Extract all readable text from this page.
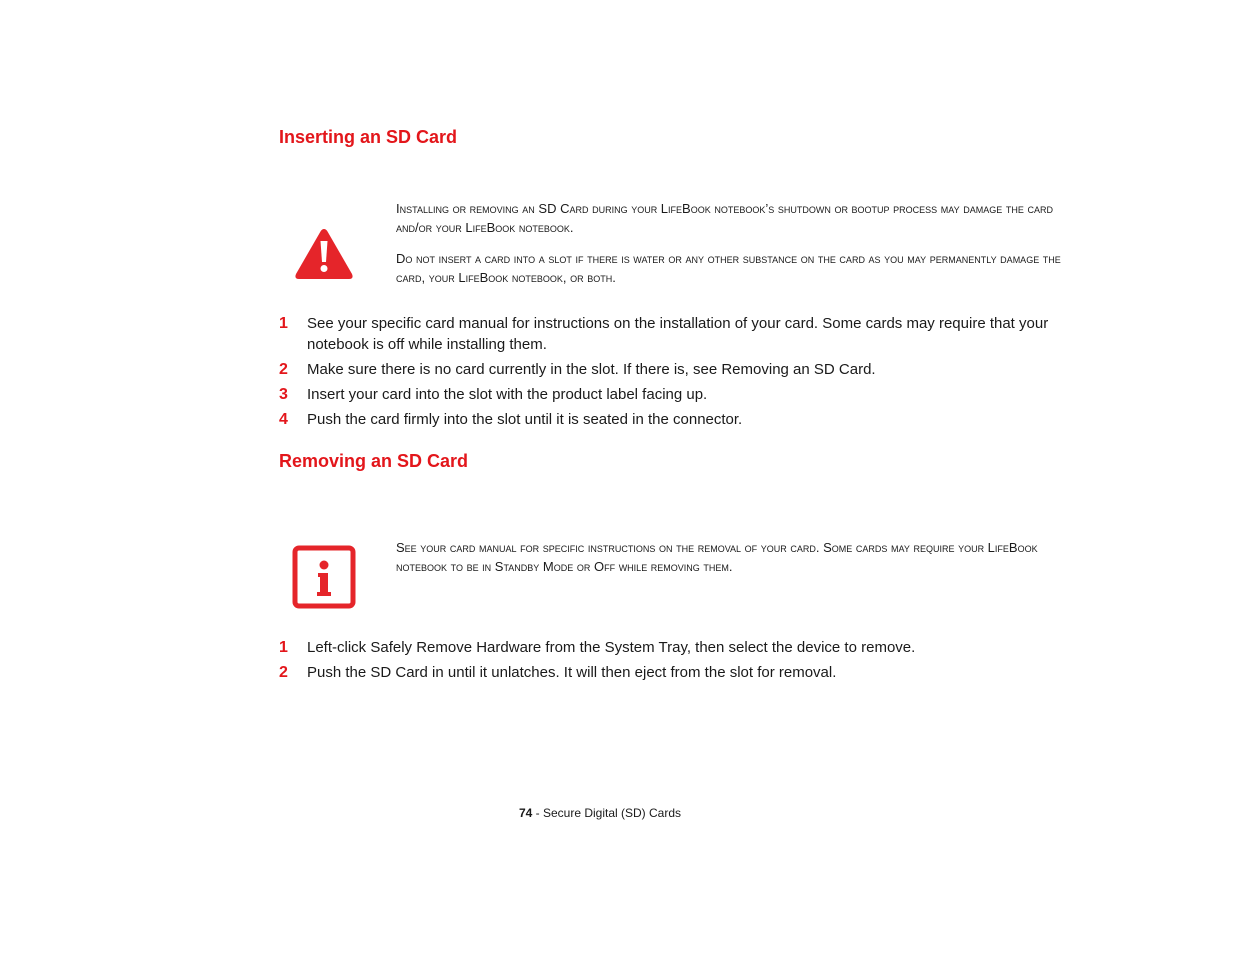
Inserting an SD Card

Installing or removing an SD Card during your LifeBook notebook’s shutdown or bootup process may damage the card and/or your LifeBook notebook.

Do not insert a card into a slot if there is water or any other substance on the card as you may permanently damage the card, your LifeBook notebook, or both.

1 See your specific card manual for instructions on the installation of your card. Some cards may require that your notebook is off while installing them.
2 Make sure there is no card currently in the slot. If there is, see Removing an SD Card.
3 Insert your card into the slot with the product label facing up.
4 Push the card firmly into the slot until it is seated in the connector.
Removing an SD Card

See your card manual for specific instructions on the removal of your card. Some cards may require your LifeBook notebook to be in Standby Mode or Off while removing them.

1 Left-click Safely Remove Hardware from the System Tray, then select the device to remove.
2 Push the SD Card in until it unlatches. It will then eject from the slot for removal.
74 - Secure Digital (SD) Cards
